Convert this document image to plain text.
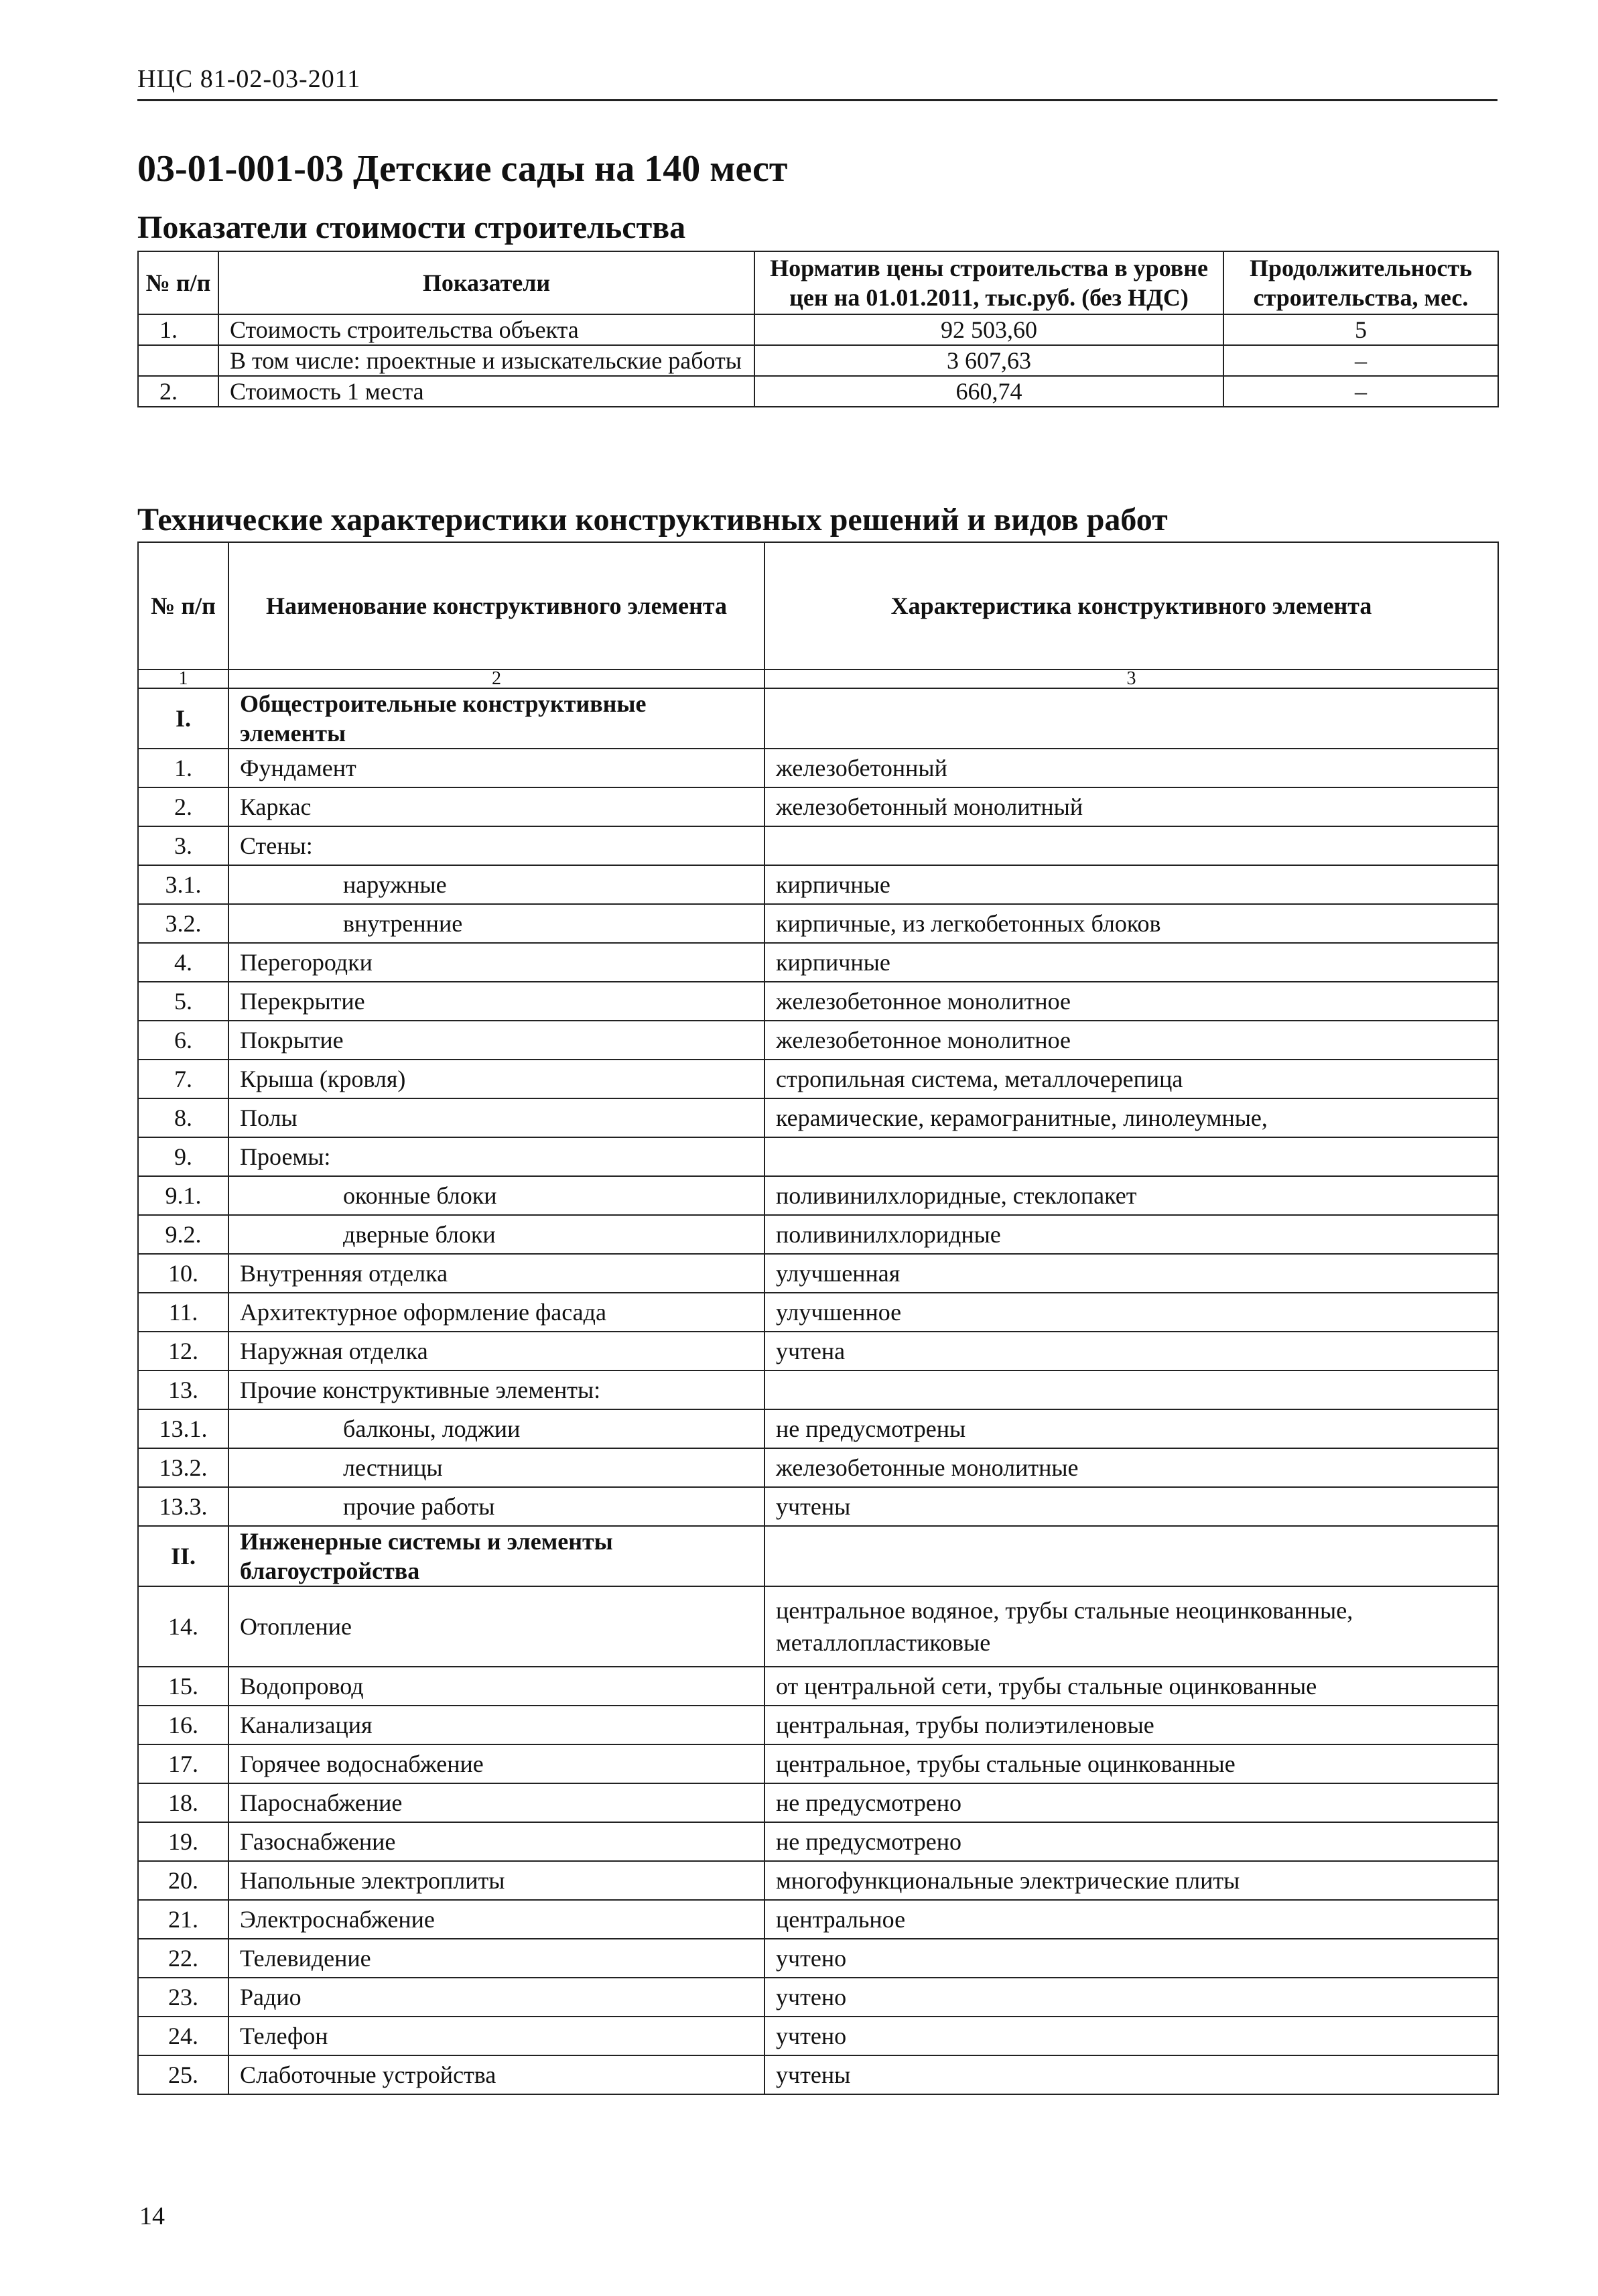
НЦС 81-02-03-2011
03-01-001-03 Детские сады на 140 мест
Показатели стоимости строительства
№ п/п	Показатели	Норматив цены строительства в уровне цен на 01.01.2011, тыс.руб. (без НДС)	Продолжительность строительства, мес.
1.	Стоимость строительства объекта	92 503,60	5
	В том числе: проектные и изыскательские работы	3 607,63	–
2.	Стоимость 1 места	660,74	–
Технические характеристики конструктивных решений и видов работ
№ п/п	Наименование конструктивного элемента	Характеристика конструктивного элемента
1	2	3
I.	Общестроительные конструктивные элементы	
1.	Фундамент	железобетонный
2.	Каркас	железобетонный монолитный
3.	Стены:	
3.1.	наружные	кирпичные
3.2.	внутренние	кирпичные, из легкобетонных блоков
4.	Перегородки	кирпичные
5.	Перекрытие	железобетонное монолитное
6.	Покрытие	железобетонное монолитное
7.	Крыша (кровля)	стропильная система, металлочерепица
8.	Полы	керамические, керамогранитные, линолеумные,
9.	Проемы:	
9.1.	оконные блоки	поливинилхлоридные, стеклопакет
9.2.	дверные блоки	поливинилхлоридные
10.	Внутренняя отделка	улучшенная
11.	Архитектурное оформление фасада	улучшенное
12.	Наружная отделка	учтена
13.	Прочие конструктивные элементы:	
13.1.	балконы, лоджии	не предусмотрены
13.2.	лестницы	железобетонные монолитные
13.3.	прочие работы	учтены
II.	Инженерные системы и элементы благоустройства	
14.	Отопление	центральное водяное, трубы стальные неоцинкованные, металлопластиковые
15.	Водопровод	от центральной сети, трубы стальные оцинкованные
16.	Канализация	центральная, трубы полиэтиленовые
17.	Горячее водоснабжение	центральное, трубы стальные оцинкованные
18.	Пароснабжение	не предусмотрено
19.	Газоснабжение	не предусмотрено
20.	Напольные электроплиты	многофункциональные электрические плиты
21.	Электроснабжение	центральное
22.	Телевидение	учтено
23.	Радио	учтено
24.	Телефон	учтено
25.	Слаботочные устройства	учтены
14
